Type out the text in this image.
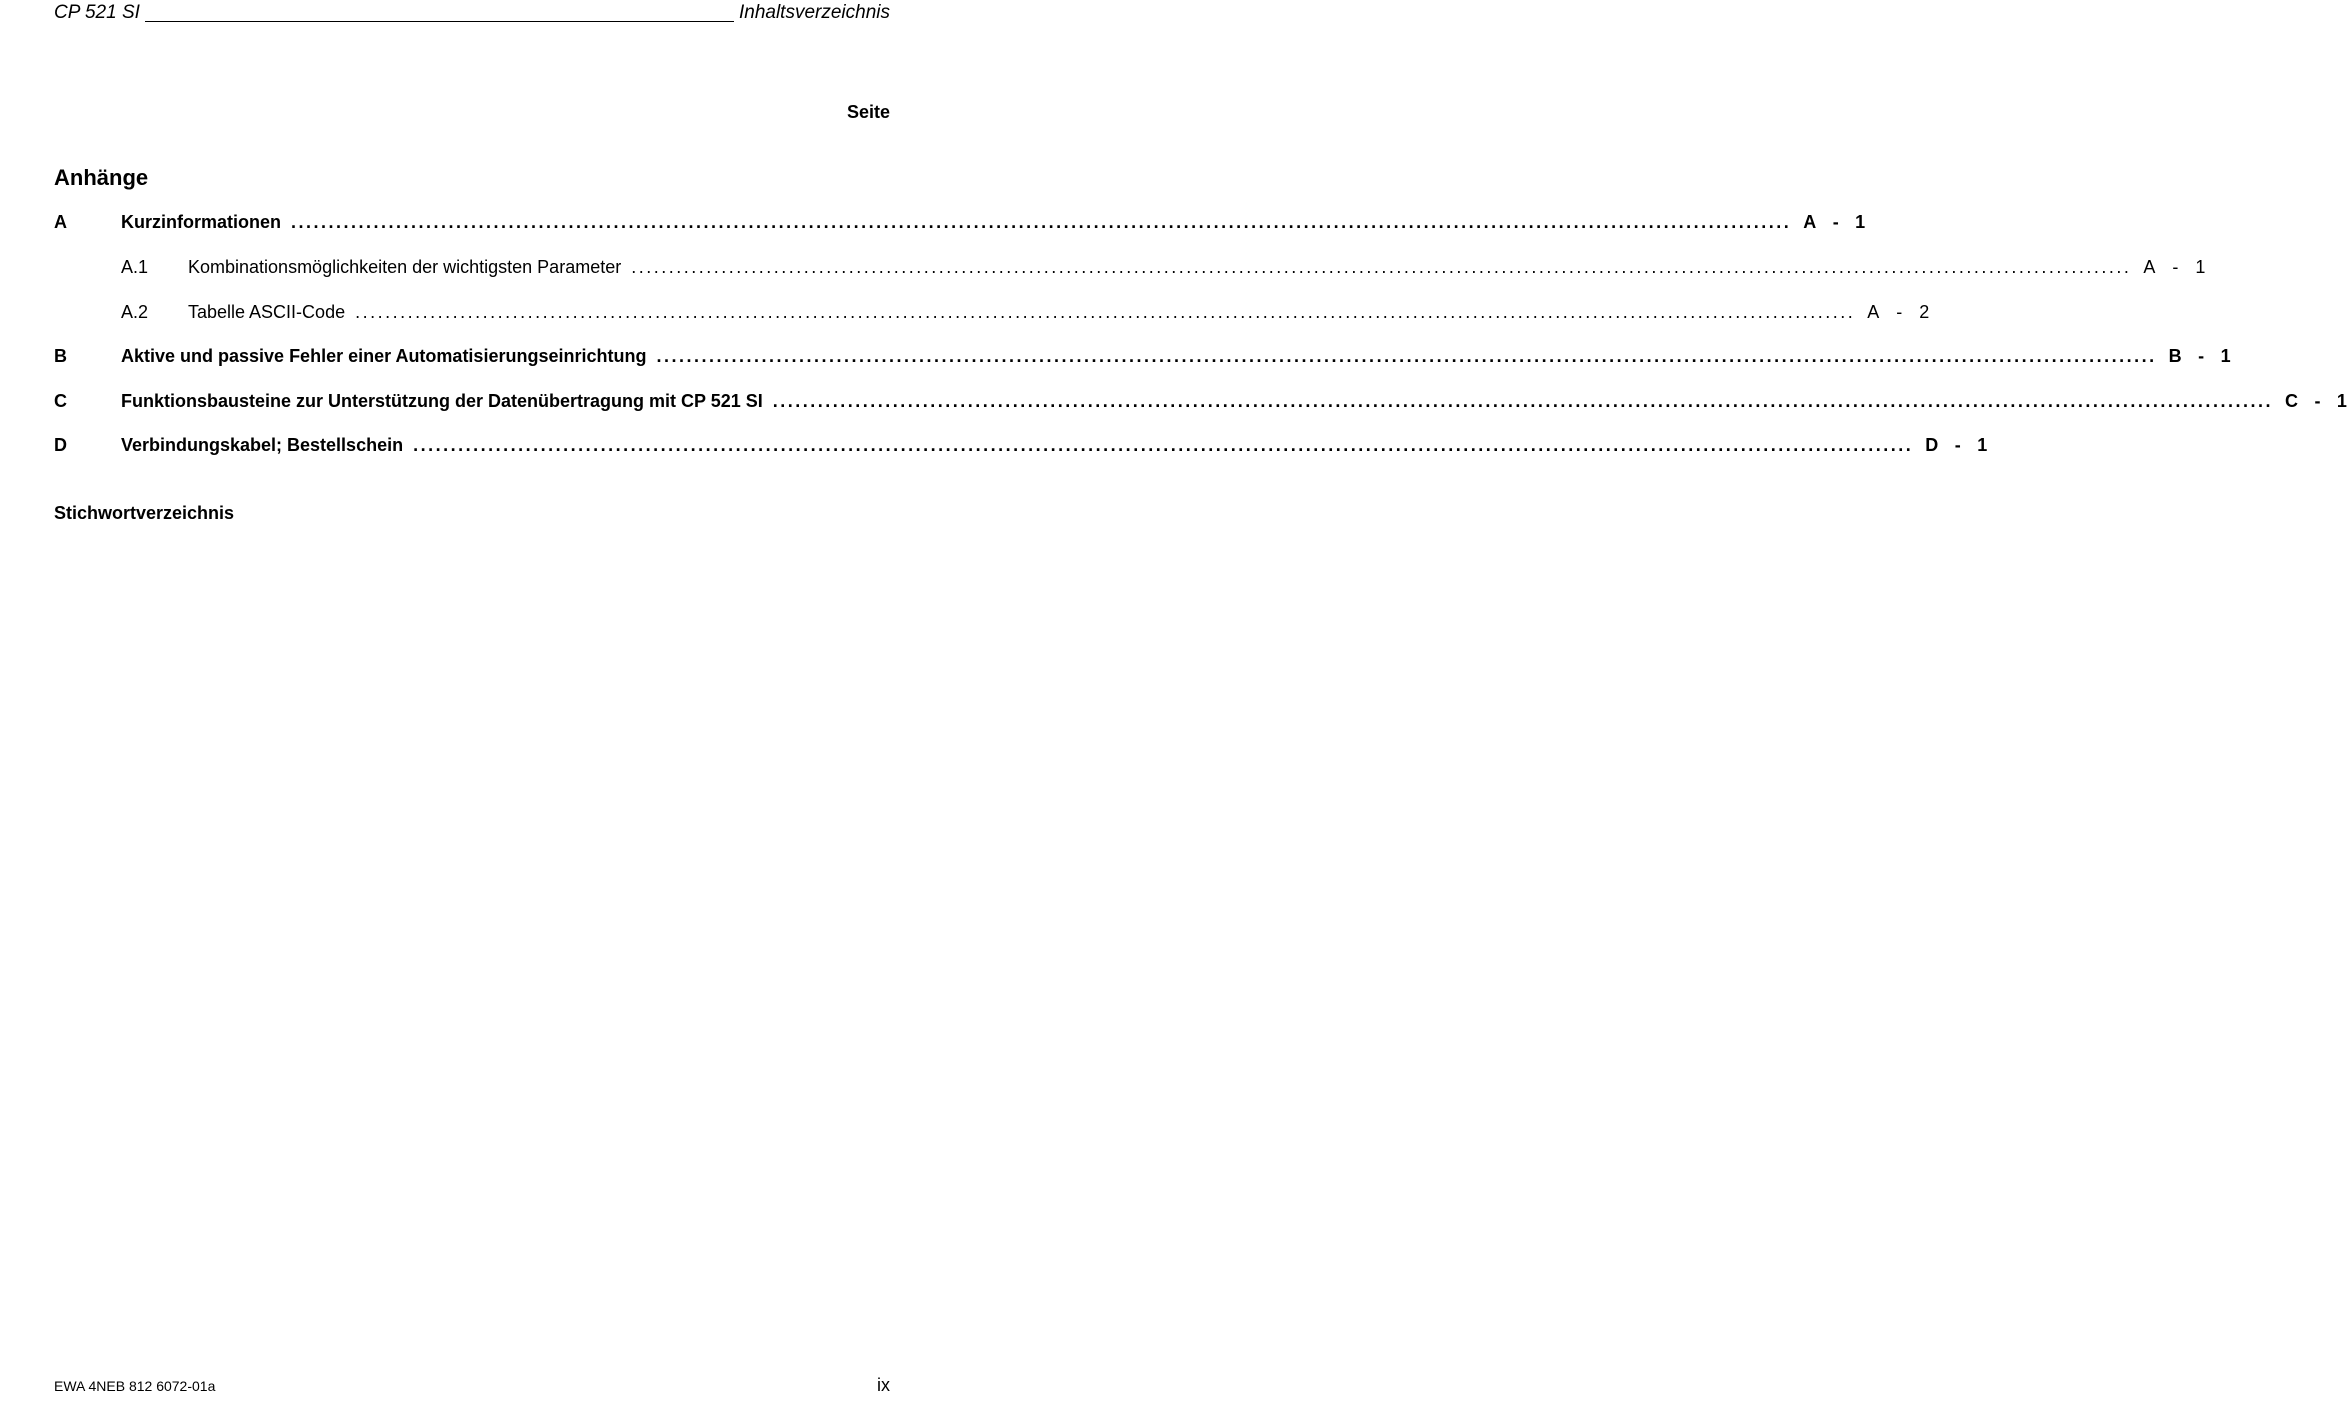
CP 521 SI	Inhaltsverzeichnis
Seite
Anhänge
A	Kurzinformationen ........................................................................................................................................................................................................ A - 1
A.1	Kombinationsmöglichkeiten der wichtigsten Parameter ........................................................................................................................................................................................................ A - 1
A.2	Tabelle ASCII-Code ........................................................................................................................................................................................................ A - 2
B	Aktive und passive Fehler einer Automatisierungseinrichtung ........................................................................................................................................................................................................ B - 1
C	Funktionsbausteine zur Unterstützung der Datenübertragung mit CP 521 SI ........................................................................................................................................................................................................ C - 1
D	Verbindungskabel; Bestellschein ........................................................................................................................................................................................................ D - 1
Stichwortverzeichnis
EWA 4NEB 812 6072-01a	ix
